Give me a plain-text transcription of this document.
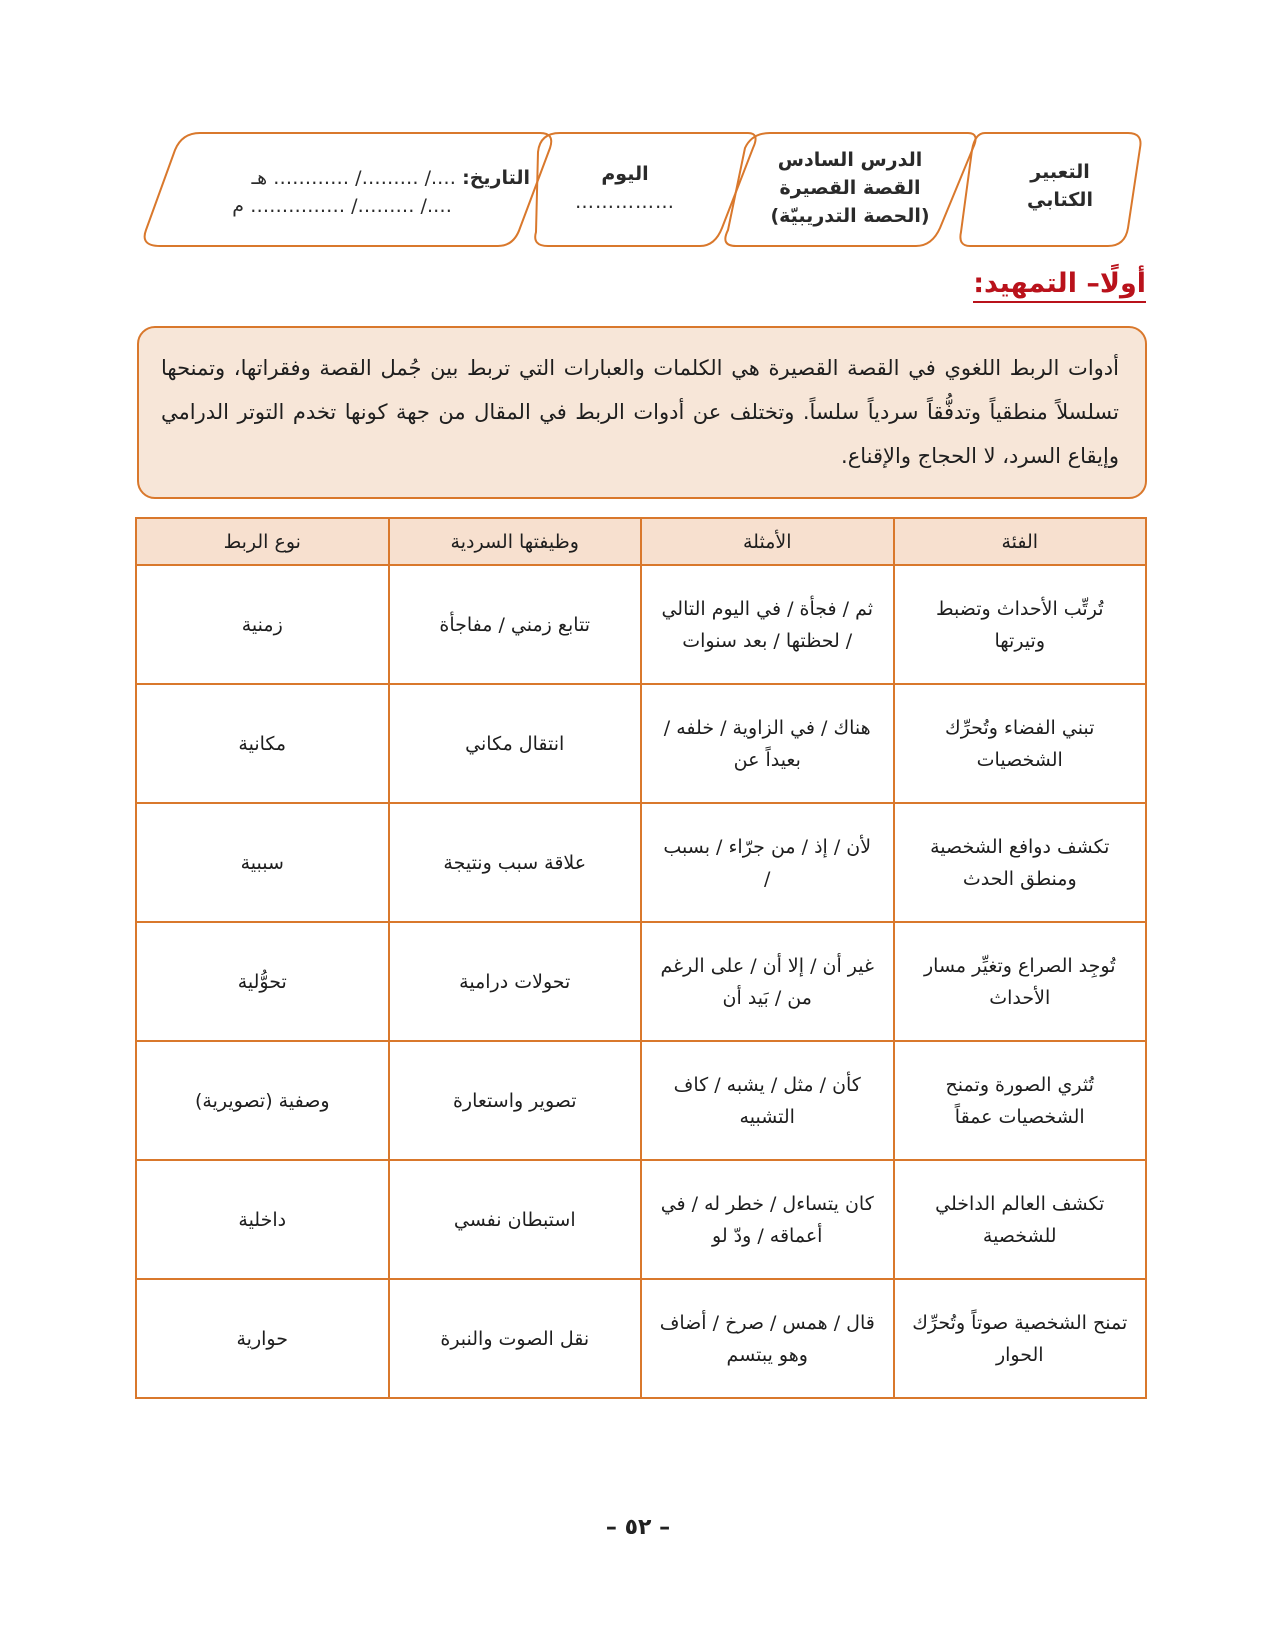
التعبير
الكتابي
الدرس السادس
القصة القصيرة
(الحصة التدريبيّة)
اليوم
……………
التاريخ: …./ ………/ ………… هـ
…./ ………/ …………… م
أولًا– التمهيد:
أدوات الربط اللغوي في القصة القصيرة هي الكلمات والعبارات التي تربط بين جُمل القصة وفقراتها، وتمنحها تسلسلاً منطقياً وتدفُّقاً سردياً سلساً. وتختلف عن أدوات الربط في المقال من جهة كونها تخدم التوتر الدرامي وإيقاع السرد، لا الحجاج والإقناع.
الفئة	الأمثلة	وظيفتها السردية	نوع الربط
تُرتِّب الأحداث وتضبط وتيرتها	ثم / فجأة / في اليوم التالي / لحظتها / بعد سنوات	تتابع زمني / مفاجأة	زمنية
تبني الفضاء وتُحرِّك الشخصيات	هناك / في الزاوية / خلفه / بعيداً عن	انتقال مكاني	مكانية
تكشف دوافع الشخصية ومنطق الحدث	لأن / إذ / من جرّاء / بسبب /	علاقة سبب ونتيجة	سببية
تُوجِد الصراع وتغيِّر مسار الأحداث	غير أن / إلا أن / على الرغم من / بَيد أن	تحولات درامية	تحوُّلية
تُثري الصورة وتمنح الشخصيات عمقاً	كأن / مثل / يشبه / كاف التشبيه	تصوير واستعارة	وصفية (تصويرية)
تكشف العالم الداخلي للشخصية	كان يتساءل / خطر له / في أعماقه / ودّ لو	استبطان نفسي	داخلية
تمنح الشخصية صوتاً وتُحرِّك الحوار	قال / همس / صرخ / أضاف وهو يبتسم	نقل الصوت والنبرة	حوارية
– ٥٢ –
